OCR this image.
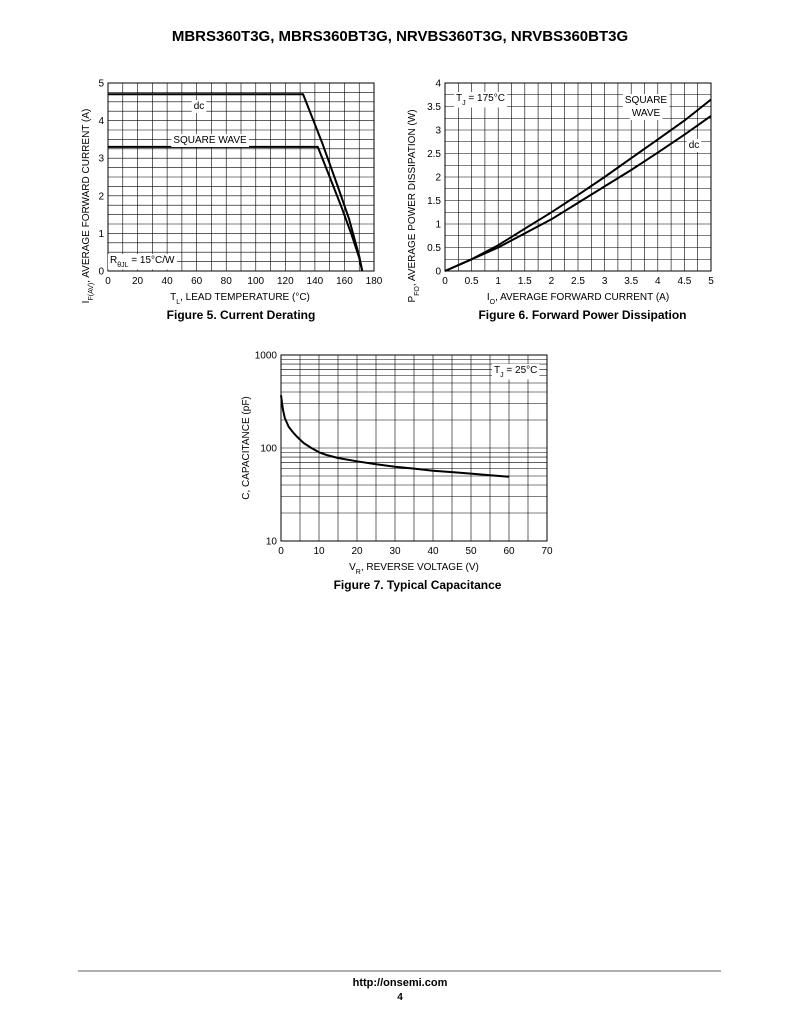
MBRS360T3G, MBRS360BT3G, NRVBS360T3G, NRVBS360BT3G
0 20 40 60 80 100 120 140 160 180
0
1
2
3
4
5
dc
SQUARE WAVE
$R_{\theta JL} = 15^\circ C/W$
$T_L$, LEAD TEMPERATURE (°C)
$I_{F(AV)}$, AVERAGE FORWARD CURRENT (A)
Figure 5. Current Derating
0 0.5 1 1.5 2 2.5 3 3.5 4 4.5 5
0
0.5
1
1.5
2
2.5
3
3.5
4
$T_J = 175^\circ C$	SQUARE
WAVE
dc
$I_O$, AVERAGE FORWARD CURRENT (A)
$P_{FO}$, AVERAGE POWER DISSIPATION (W)
Figure 6. Forward Power Dissipation
0	10	20	30	40	50	60	70
10
100
1000
$T_J = 25^\circ C$
$V_R$, REVERSE VOLTAGE (V)
C, CAPACITANCE (pF)
Figure 7. Typical Capacitance
http://onsemi.com
4
